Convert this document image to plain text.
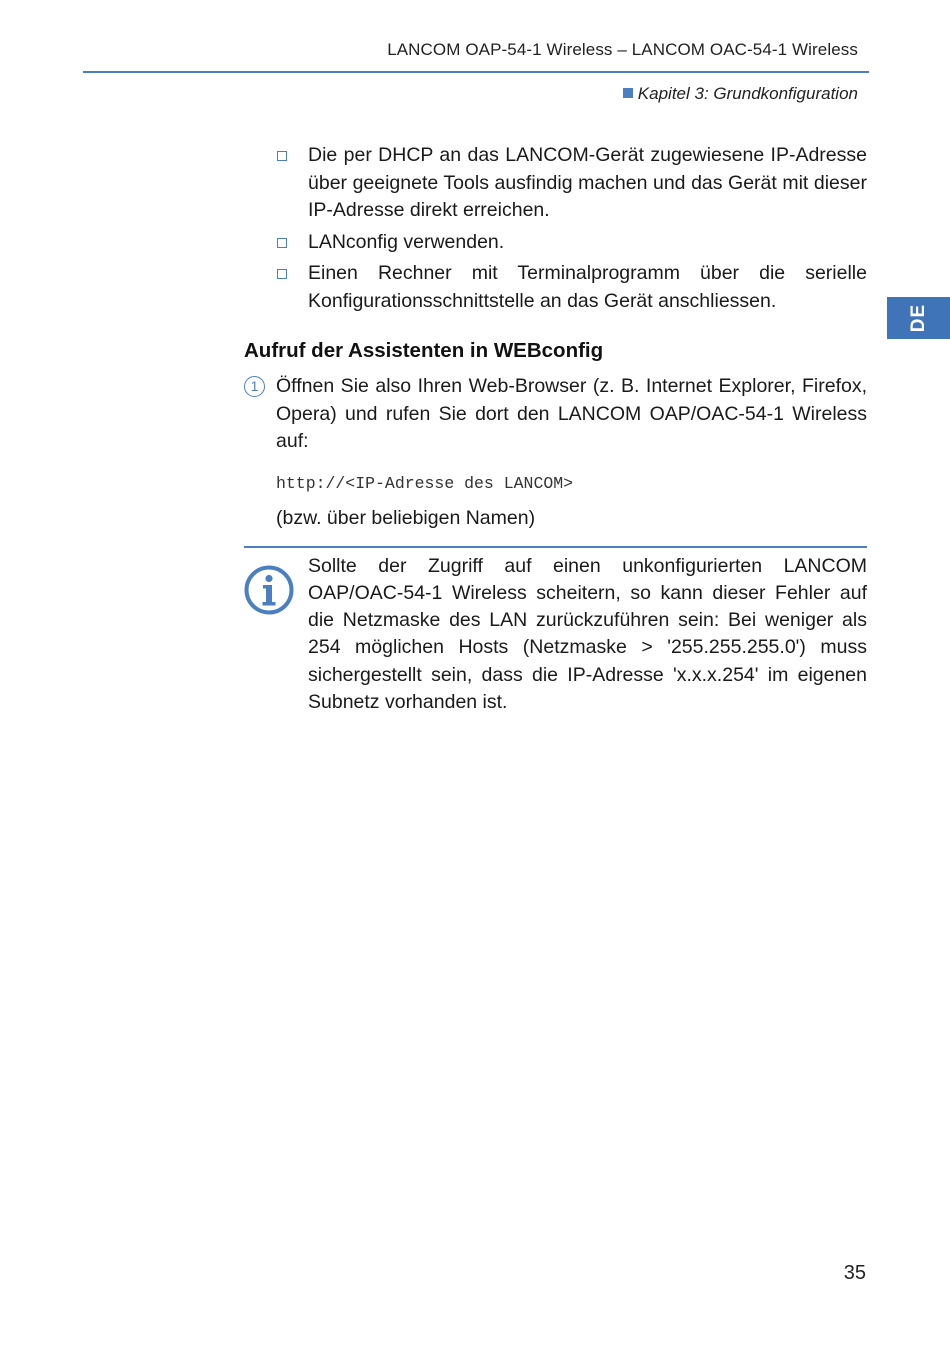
LANCOM OAP-54-1 Wireless – LANCOM OAC-54-1 Wireless
Kapitel 3: Grundkonfiguration
DE
Die per DHCP an das LANCOM-Gerät zugewiesene IP-Adresse über geeignete Tools ausfindig machen und das Gerät mit dieser IP-Adresse direkt erreichen.
LANconfig verwenden.
Einen Rechner mit Terminalprogramm über die serielle Konfigurationsschnittstelle an das Gerät anschliessen.
Aufruf der Assistenten in WEBconfig
1 Öffnen Sie also Ihren Web-Browser (z. B. Internet Explorer, Firefox, Opera) und rufen Sie dort den LANCOM OAP/OAC-54-1 Wireless auf:
http://<IP-Adresse des LANCOM>
(bzw. über beliebigen Namen)
Sollte der Zugriff auf einen unkonfigurierten LANCOM OAP/OAC-54-1 Wireless scheitern, so kann dieser Fehler auf die Netzmaske des LAN zurückzuführen sein: Bei weniger als 254 möglichen Hosts (Netzmaske > '255.255.255.0') muss sichergestellt sein, dass die IP-Adresse 'x.x.x.254' im eigenen Subnetz vorhanden ist.
35
